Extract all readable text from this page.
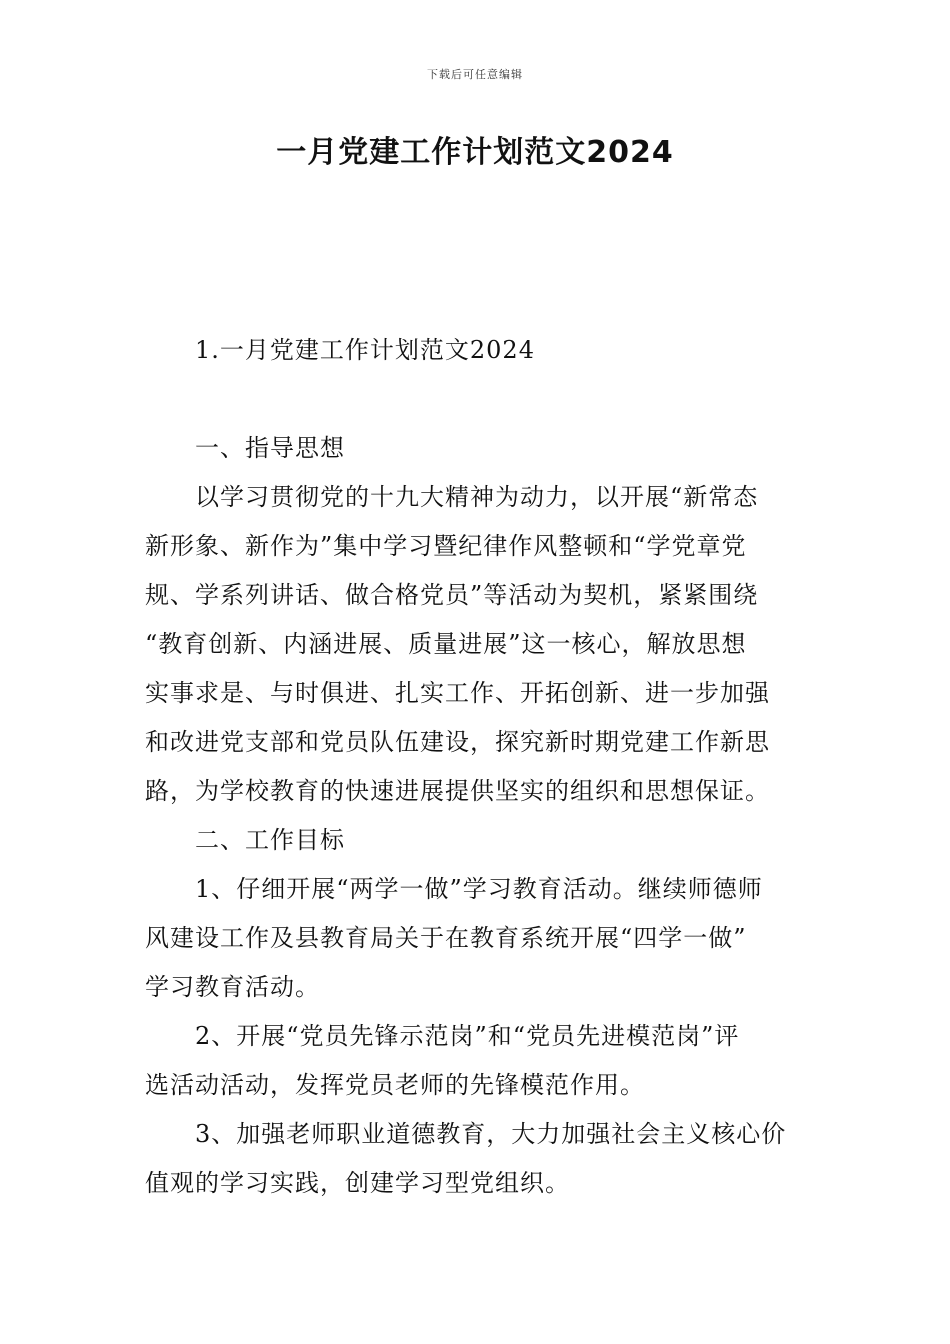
下载后可任意编辑
一月党建工作计划范文2024
1.一月党建工作计划范文2024
一、指导思想
以学习贯彻党的十九大精神为动力，以开展“新常态
新形象、新作为”集中学习暨纪律作风整顿和“学党章党
规、学系列讲话、做合格党员”等活动为契机，紧紧围绕
“教育创新、内涵进展、质量进展”这一核心，解放思想
实事求是、与时俱进、扎实工作、开拓创新、进一步加强
和改进党支部和党员队伍建设，探究新时期党建工作新思
路，为学校教育的快速进展提供坚实的组织和思想保证。
二、工作目标
1、仔细开展“两学一做”学习教育活动。继续师德师
风建设工作及县教育局关于在教育系统开展“四学一做”
学习教育活动。
2、开展“党员先锋示范岗”和“党员先进模范岗”评
选活动活动，发挥党员老师的先锋模范作用。
3、加强老师职业道德教育，大力加强社会主义核心价
值观的学习实践，创建学习型党组织。
